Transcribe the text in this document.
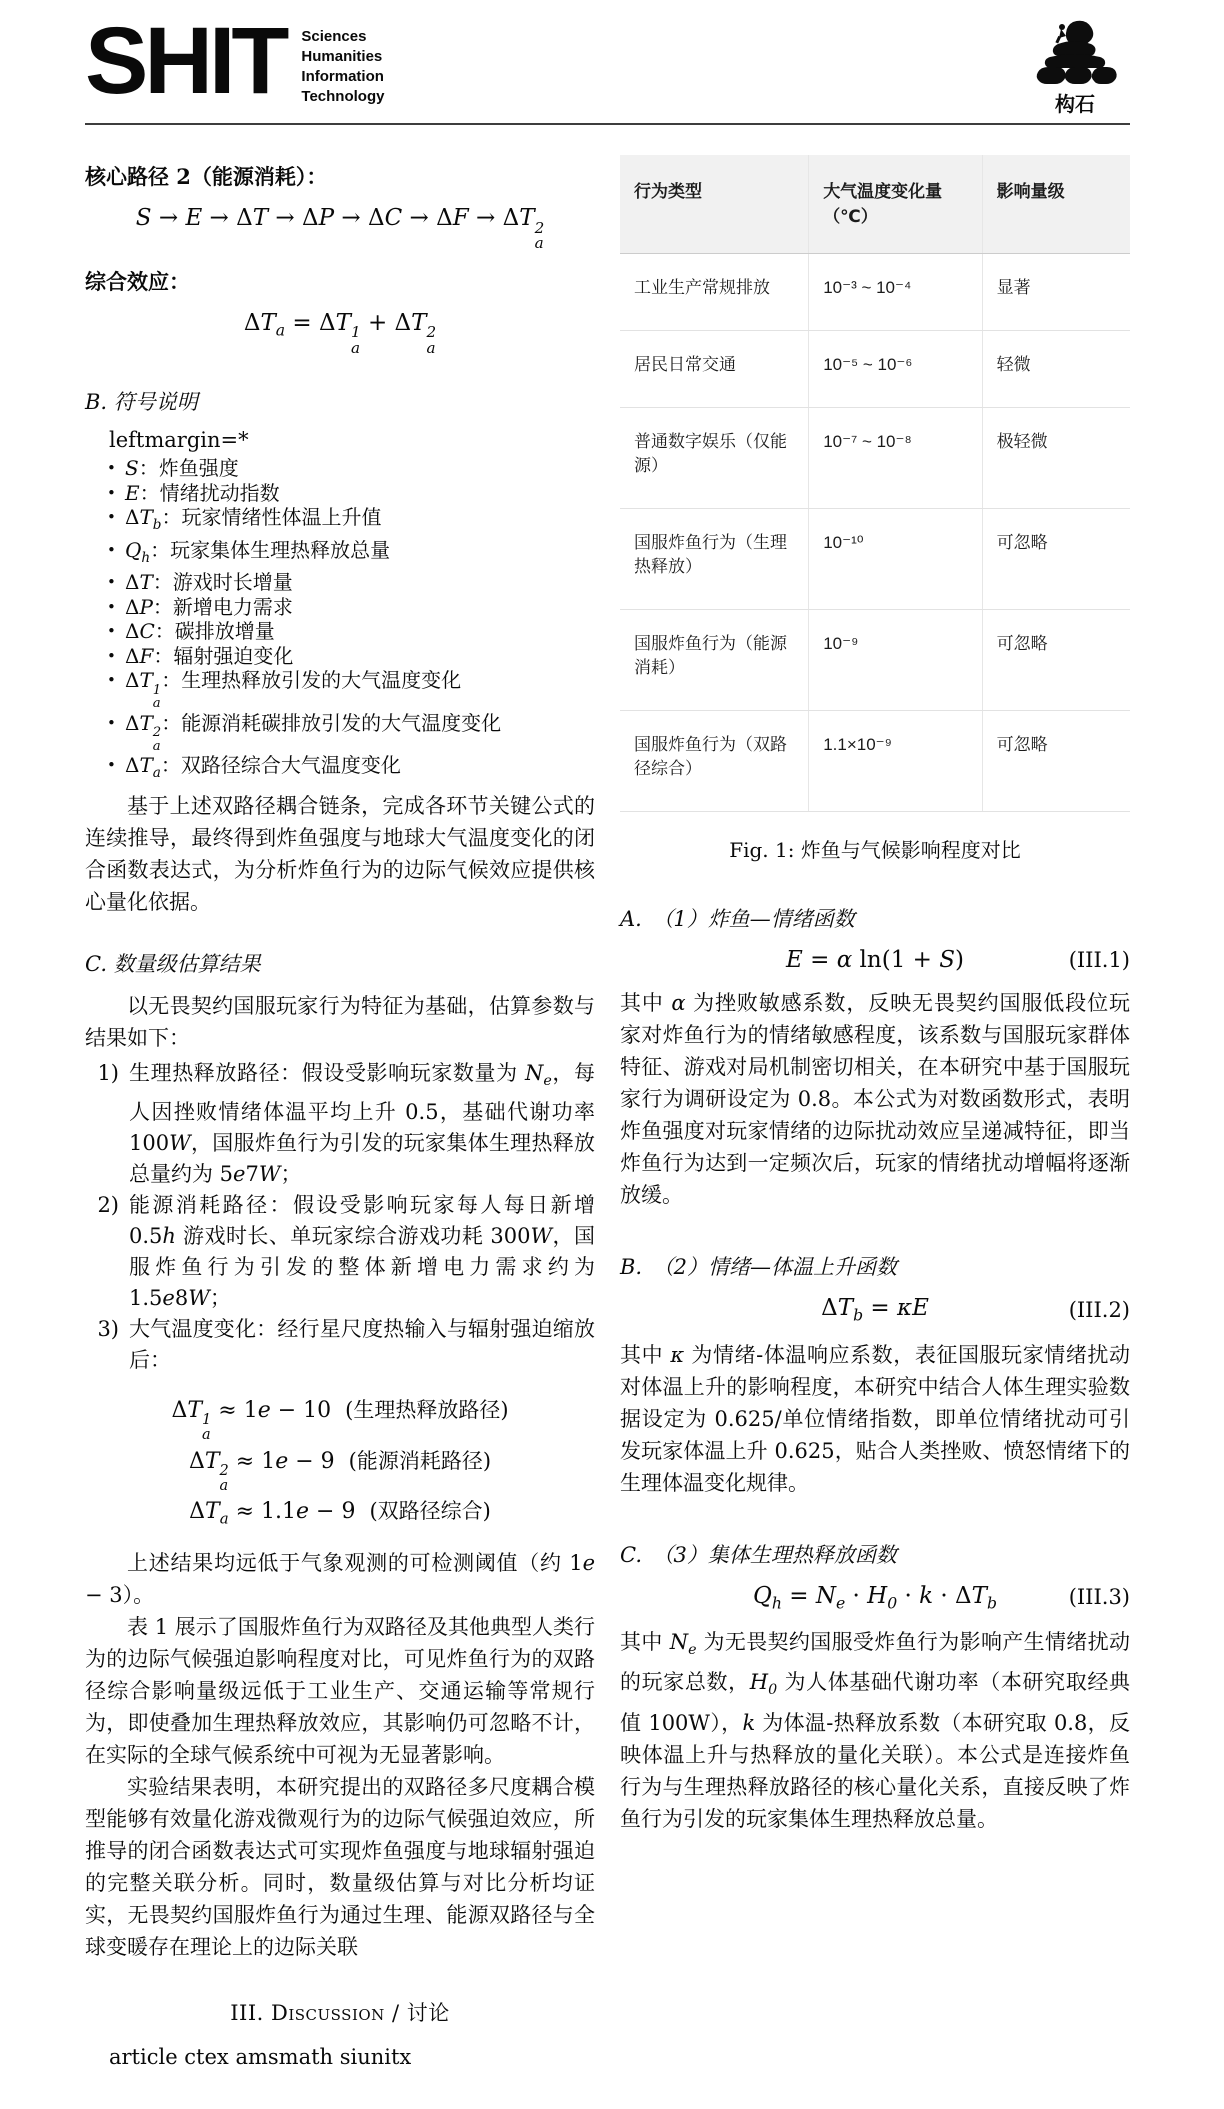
SHIT Sciences
Humanities
Information
Technology	构石
核心路径 2（能源消耗）：
S → E → ΔT → ΔP → ΔC → ΔF → ΔT 2
a
综合效应：
$\Delta T_a = \Delta T$ 1
a
+ ΔT 2
a
B. 符号说明
leftmargin=*
• S： 炸鱼强度
• E： 情绪扰动指数
• $\Delta T_b$： 玩家情绪性体温上升值
• $Q_h$： 玩家集体生理热释放总量
• ΔT： 游戏时长增量
• ΔP： 新增电力需求
• ΔC： 碳排放增量
• ΔF： 辐射强迫变化
• ΔT 1
a
： 生理热释放引发的大气温度变化
• ΔT 2
a
： 能源消耗碳排放引发的大气温度变化
• $\Delta T_a$： 双路径综合大气温度变化

基于上述双路径耦合链条，完成各环节关键公式的连续推导，最终得到炸鱼强度与地球大气温度变化的闭合函数表达式，为分析炸鱼行为的边际气候效应提供核心量化依据。

C. 数量级估算结果

以无畏契约国服玩家行为特征为基础，估算参数与结果如下：

1) 生理热释放路径：假设受影响玩家数量为 $N_e$，每人因挫败情绪体温平均上升 0.5，基础代谢功率 100W，国服炸鱼行为引发的玩家集体生理热释放总量约为 5e7W；
2) 能源消耗路径：假设受影响玩家每人每日新增 0.5h 游戏时长、单玩家综合游戏功耗 300W，国服炸鱼行为引发的整体新增电力需求约为 1.5e8W；
3) 大气温度变化：经行星尺度热输入与辐射强迫缩放后：
ΔT 1
a
≈ 1e − 10 (生理热释放路径)
ΔT 2
a
≈ 1e − 9 (能源消耗路径)
$\Delta T_a \approx 1.1e - 9$ (双路径综合)

上述结果均远低于气象观测的可检测阈值（约 1e − 3）。

表 1 展示了国服炸鱼行为双路径及其他典型人类行为的边际气候强迫影响程度对比，可见炸鱼行为的双路径综合影响量级远低于工业生产、交通运输等常规行为，即使叠加生理热释放效应，其影响仍可忽略不计，在实际的全球气候系统中可视为无显著影响。

实验结果表明，本研究提出的双路径多尺度耦合模型能够有效量化游戏微观行为的边际气候强迫效应，所推导的闭合函数表达式可实现炸鱼强度与地球辐射强迫的完整关联分析。同时，数量级估算与对比分析均证实，无畏契约国服炸鱼行为通过生理、能源双路径与全球变暖存在理论上的边际关联

III. Discussion / 讨论
article ctex amsmath siunitx
行为类型	大气温度变化量（℃）	影响量级
工业生产常规排放	10⁻³ ~ 10⁻⁴	显著
居民日常交通	10⁻⁵ ~ 10⁻⁶	轻微
普通数字娱乐（仅能源）	10⁻⁷ ~ 10⁻⁸	极轻微
国服炸鱼行为（生理热释放）	10⁻¹⁰	可忽略
国服炸鱼行为（能源消耗）	10⁻⁹	可忽略
国服炸鱼行为（双路径综合）	1.1×10⁻⁹	可忽略
Fig. 1: 炸鱼与气候影响程度对比
A.　（1）炸鱼—情绪函数
E = α ln(1 + S)	(III.1)

其中 α 为挫败敏感系数，反映无畏契约国服低段位玩家对炸鱼行为的情绪敏感程度，该系数与国服玩家群体特征、游戏对局机制密切相关，在本研究中基于国服玩家行为调研设定为 0.8。本公式为对数函数形式，表明炸鱼强度对玩家情绪的边际扰动效应呈递减特征，即当炸鱼行为达到一定频次后，玩家的情绪扰动增幅将逐渐放缓。

B.　（2）情绪—体温上升函数
$\Delta T_b = \kappa E$	(III.2)

其中 κ 为情绪-体温响应系数，表征国服玩家情绪扰动对体温上升的影响程度，本研究中结合人体生理实验数据设定为 0.625/单位情绪指数，即单位情绪扰动可引发玩家体温上升 0.625，贴合人类挫败、愤怒情绪下的生理体温变化规律。

C.　（3）集体生理热释放函数
$Q_h = N_e \cdot H_0 \cdot k \cdot \Delta T_b$	(III.3)

其中 $N_e$ 为无畏契约国服受炸鱼行为影响产生情绪扰动的玩家总数，$H_0$ 为人体基础代谢功率（本研究取经典值 100W），k 为体温-热释放系数（本研究取 0.8，反映体温上升与热释放的量化关联）。本公式是连接炸鱼行为与生理热释放路径的核心量化关系，直接反映了炸鱼行为引发的玩家集体生理热释放总量。
